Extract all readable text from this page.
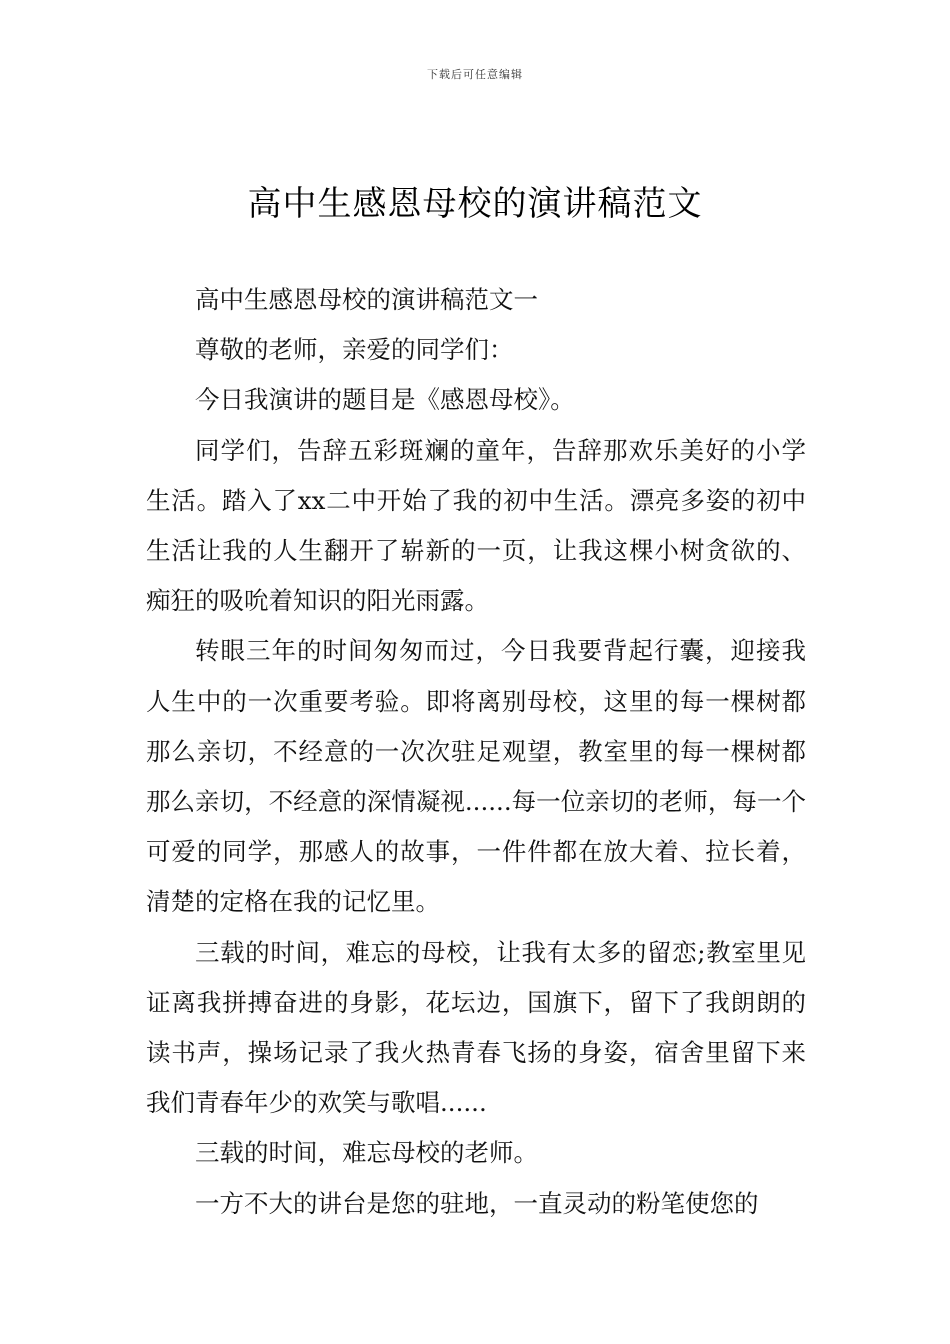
下载后可任意编辑
高中生感恩母校的演讲稿范文

高中生感恩母校的演讲稿范文一

尊敬的老师，亲爱的同学们：

今日我演讲的题目是《感恩母校》。

同学们，告辞五彩斑斓的童年，告辞那欢乐美好的小学生活。踏入了xx二中开始了我的初中生活。漂亮多姿的初中生活让我的人生翻开了崭新的一页，让我这棵小树贪欲的、痴狂的吸吮着知识的阳光雨露。

转眼三年的时间匆匆而过，今日我要背起行囊，迎接我人生中的一次重要考验。即将离别母校，这里的每一棵树都那么亲切，不经意的一次次驻足观望，教室里的每一棵树都那么亲切，不经意的深情凝视......每一位亲切的老师，每一个可爱的同学，那感人的故事，一件件都在放大着、拉长着，清楚的定格在我的记忆里。

三载的时间，难忘的母校，让我有太多的留恋;教室里见证离我拼搏奋进的身影，花坛边，国旗下，留下了我朗朗的读书声，操场记录了我火热青春飞扬的身姿，宿舍里留下来我们青春年少的欢笑与歌唱......

三载的时间，难忘母校的老师。

一方不大的讲台是您的驻地，一直灵动的粉笔使您的
